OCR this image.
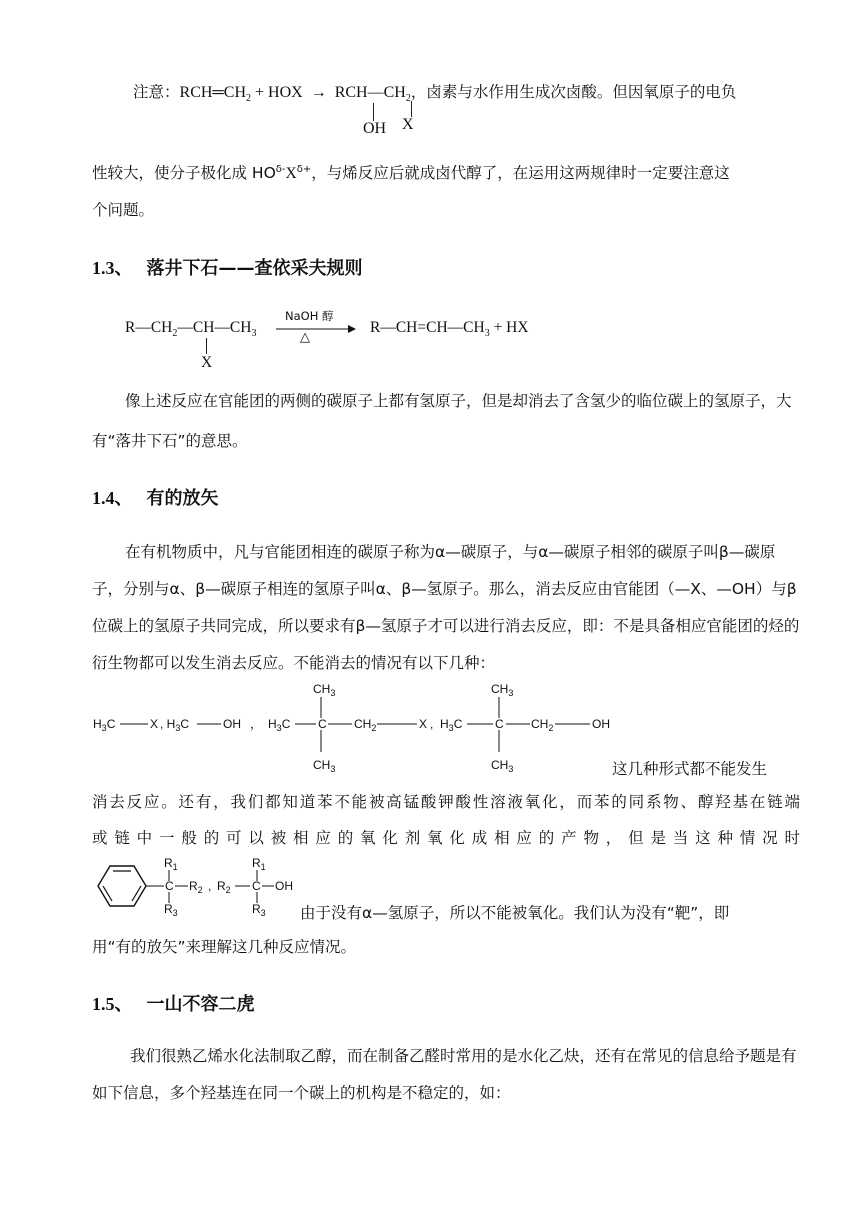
注意：$RCH═CH_2$ + HOX → $RCH—CH_2$，卤素与水作用生成次卤酸。但因氧原子的电负
OH X
性较大，使分子极化成 $HO^{\delta-}X^{\delta+}$，与烯反应后就成卤代醇了，在运用这两规律时一定要注意这
个问题。
1.3、 落井下石——查依采夫规则
$R—CH_2—CH—CH_3$
X
NaOH 醇
△
$R—CH=CH—CH_3$ + HX
像上述反应在官能团的两侧的碳原子上都有氢原子，但是却消去了含氢少的临位碳上的氢原子，大有“落井下石”的意思。
1.4、 有的放矢
在有机物质中，凡与官能团相连的碳原子称为α—碳原子，与α—碳原子相邻的碳原子叫β—碳原子，分别与α、β—碳原子相连的氢原子叫α、β—氢原子。那么，消去反应由官能团（—X、—OH）与β位碳上的氢原子共同完成，所以要求有β—氢原子才可以进行消去反应，即：不是具备相应官能团的烃的衍生物都可以发生消去反应。不能消去的情况有以下几种：
$H_3C$	X , $H_3C$	OH ，
$CH_3$
$H_3C$ C $CH_2$	X
$CH_3$
,
$CH_3$
$H_3C$	C $CH_2$	OH
$CH_3$	这几种形式都不能发生
消去反应。还有，我们都知道苯不能被高锰酸钾酸性溶液氧化，而苯的同系物、醇羟基在链端
或链中一般的可以被相应的氧化剂氧化成相应的产物，但是当这种情况时
$R_1$
C $R_2$
$R_3$
, $R_2$
$R_1$
C OH
$R_3$ 由于没有α—氢原子，所以不能被氧化。我们认为没有“靶”，即
用“有的放矢”来理解这几种反应情况。
1.5、 一山不容二虎
我们很熟乙烯水化法制取乙醇，而在制备乙醛时常用的是水化乙炔，还有在常见的信息给予题是有如下信息，多个羟基连在同一个碳上的机构是不稳定的，如：
